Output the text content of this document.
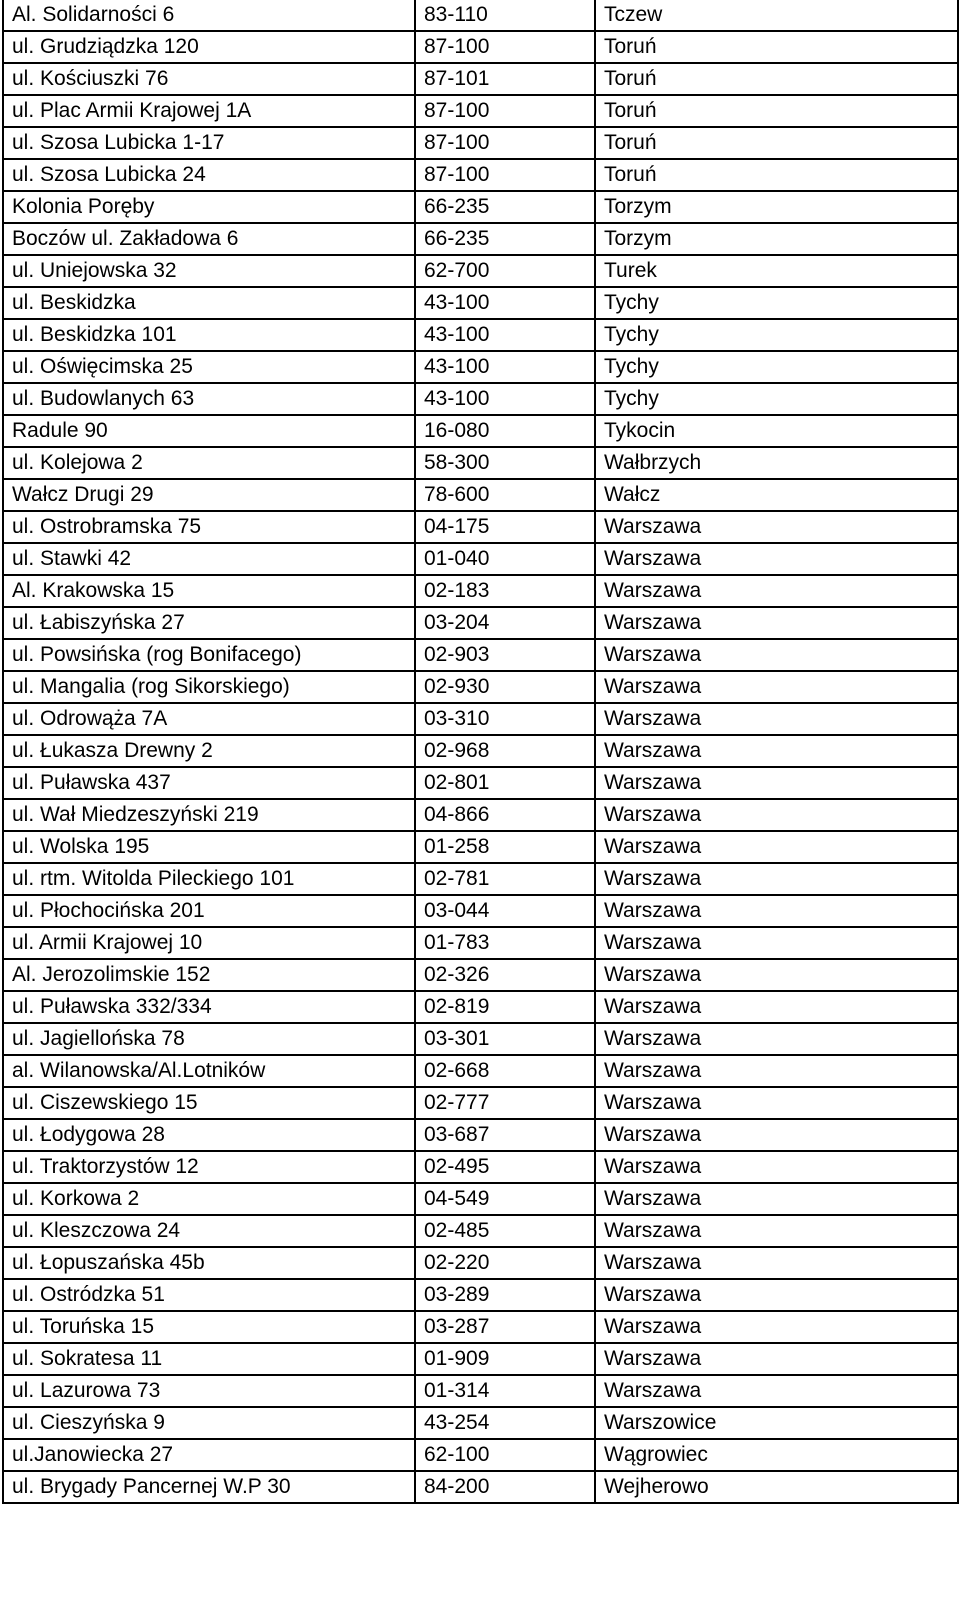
Al. Solidarności 6	83-110	Tczew
ul. Grudziądzka 120	87-100	Toruń
ul. Kościuszki 76	87-101	Toruń
ul. Plac Armii Krajowej 1A	87-100	Toruń
ul. Szosa Lubicka 1-17	87-100	Toruń
ul. Szosa Lubicka 24	87-100	Toruń
Kolonia Poręby	66-235	Torzym
Boczów ul. Zakładowa 6	66-235	Torzym
ul. Uniejowska 32	62-700	Turek
ul. Beskidzka	43-100	Tychy
ul. Beskidzka 101	43-100	Tychy
ul. Oświęcimska 25	43-100	Tychy
ul. Budowlanych 63	43-100	Tychy
Radule 90	16-080	Tykocin
ul. Kolejowa 2	58-300	Wałbrzych
Wałcz Drugi 29	78-600	Wałcz
ul. Ostrobramska 75	04-175	Warszawa
ul. Stawki 42	01-040	Warszawa
Al. Krakowska 15	02-183	Warszawa
ul. Łabiszyńska 27	03-204	Warszawa
ul. Powsińska (rog Bonifacego)	02-903	Warszawa
ul. Mangalia (rog Sikorskiego)	02-930	Warszawa
ul. Odrowąża 7A	03-310	Warszawa
ul. Łukasza Drewny 2	02-968	Warszawa
ul. Puławska 437	02-801	Warszawa
ul. Wał Miedzeszyński 219	04-866	Warszawa
ul. Wolska 195	01-258	Warszawa
ul. rtm. Witolda Pileckiego 101	02-781	Warszawa
ul. Płochocińska 201	03-044	Warszawa
ul. Armii Krajowej 10	01-783	Warszawa
Al. Jerozolimskie 152	02-326	Warszawa
ul. Puławska 332/334	02-819	Warszawa
ul. Jagiellońska 78	03-301	Warszawa
al. Wilanowska/Al.Lotników	02-668	Warszawa
ul. Ciszewskiego 15	02-777	Warszawa
ul. Łodygowa 28	03-687	Warszawa
ul. Traktorzystów 12	02-495	Warszawa
ul. Korkowa 2	04-549	Warszawa
ul. Kleszczowa 24	02-485	Warszawa
ul. Łopuszańska 45b	02-220	Warszawa
ul. Ostródzka 51	03-289	Warszawa
ul. Toruńska 15	03-287	Warszawa
ul. Sokratesa 11	01-909	Warszawa
ul. Lazurowa 73	01-314	Warszawa
ul. Cieszyńska 9	43-254	Warszowice
ul.Janowiecka 27	62-100	Wągrowiec
ul. Brygady Pancernej W.P 30	84-200	Wejherowo
